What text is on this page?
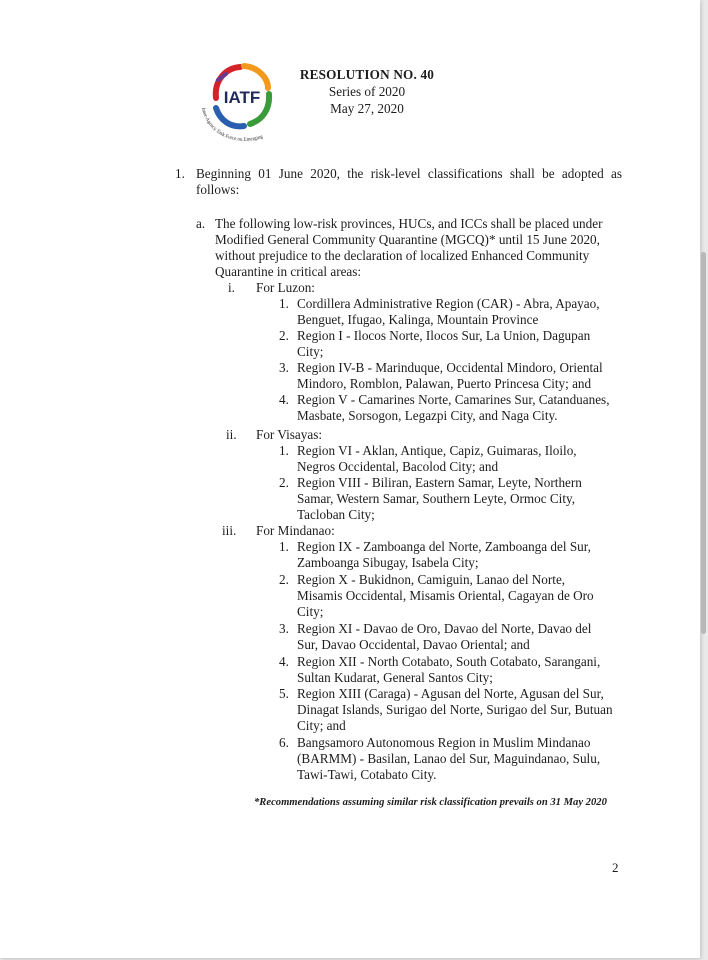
IATF
Inter-Agency Task Force on Emerging
RESOLUTION NO. 40
Series of 2020
May 27, 2020
1. Beginning 01 June 2020, the risk-level classifications shall be adopted as
follows:
a. The following low-risk provinces, HUCs, and ICCs shall be placed under
Modified General Community Quarantine (MGCQ)* until 15 June 2020,
without prejudice to the declaration of localized Enhanced Community
Quarantine in critical areas:
i. For Luzon:
1. Cordillera Administrative Region (CAR) - Abra, Apayao,
Benguet, Ifugao, Kalinga, Mountain Province
2. Region I - Ilocos Norte, Ilocos Sur, La Union, Dagupan
City;
3. Region IV-B - Marinduque, Occidental Mindoro, Oriental
Mindoro, Romblon, Palawan, Puerto Princesa City; and
4. Region V - Camarines Norte, Camarines Sur, Catanduanes,
Masbate, Sorsogon, Legazpi City, and Naga City.
ii. For Visayas:
1. Region VI - Aklan, Antique, Capiz, Guimaras, Iloilo,
Negros Occidental, Bacolod City; and
2. Region VIII - Biliran, Eastern Samar, Leyte, Northern
Samar, Western Samar, Southern Leyte, Ormoc City,
Tacloban City;
iii. For Mindanao:
1. Region IX - Zamboanga del Norte, Zamboanga del Sur,
Zamboanga Sibugay, Isabela City;
2. Region X - Bukidnon, Camiguin, Lanao del Norte,
Misamis Occidental, Misamis Oriental, Cagayan de Oro
City;
3. Region XI - Davao de Oro, Davao del Norte, Davao del
Sur, Davao Occidental, Davao Oriental; and
4. Region XII - North Cotabato, South Cotabato, Sarangani,
Sultan Kudarat, General Santos City;
5. Region XIII (Caraga) - Agusan del Norte, Agusan del Sur,
Dinagat Islands, Surigao del Norte, Surigao del Sur, Butuan
City; and
6. Bangsamoro Autonomous Region in Muslim Mindanao
(BARMM) - Basilan, Lanao del Sur, Maguindanao, Sulu,
Tawi-Tawi, Cotabato City.
*Recommendations assuming similar risk classification prevails on 31 May 2020
2
